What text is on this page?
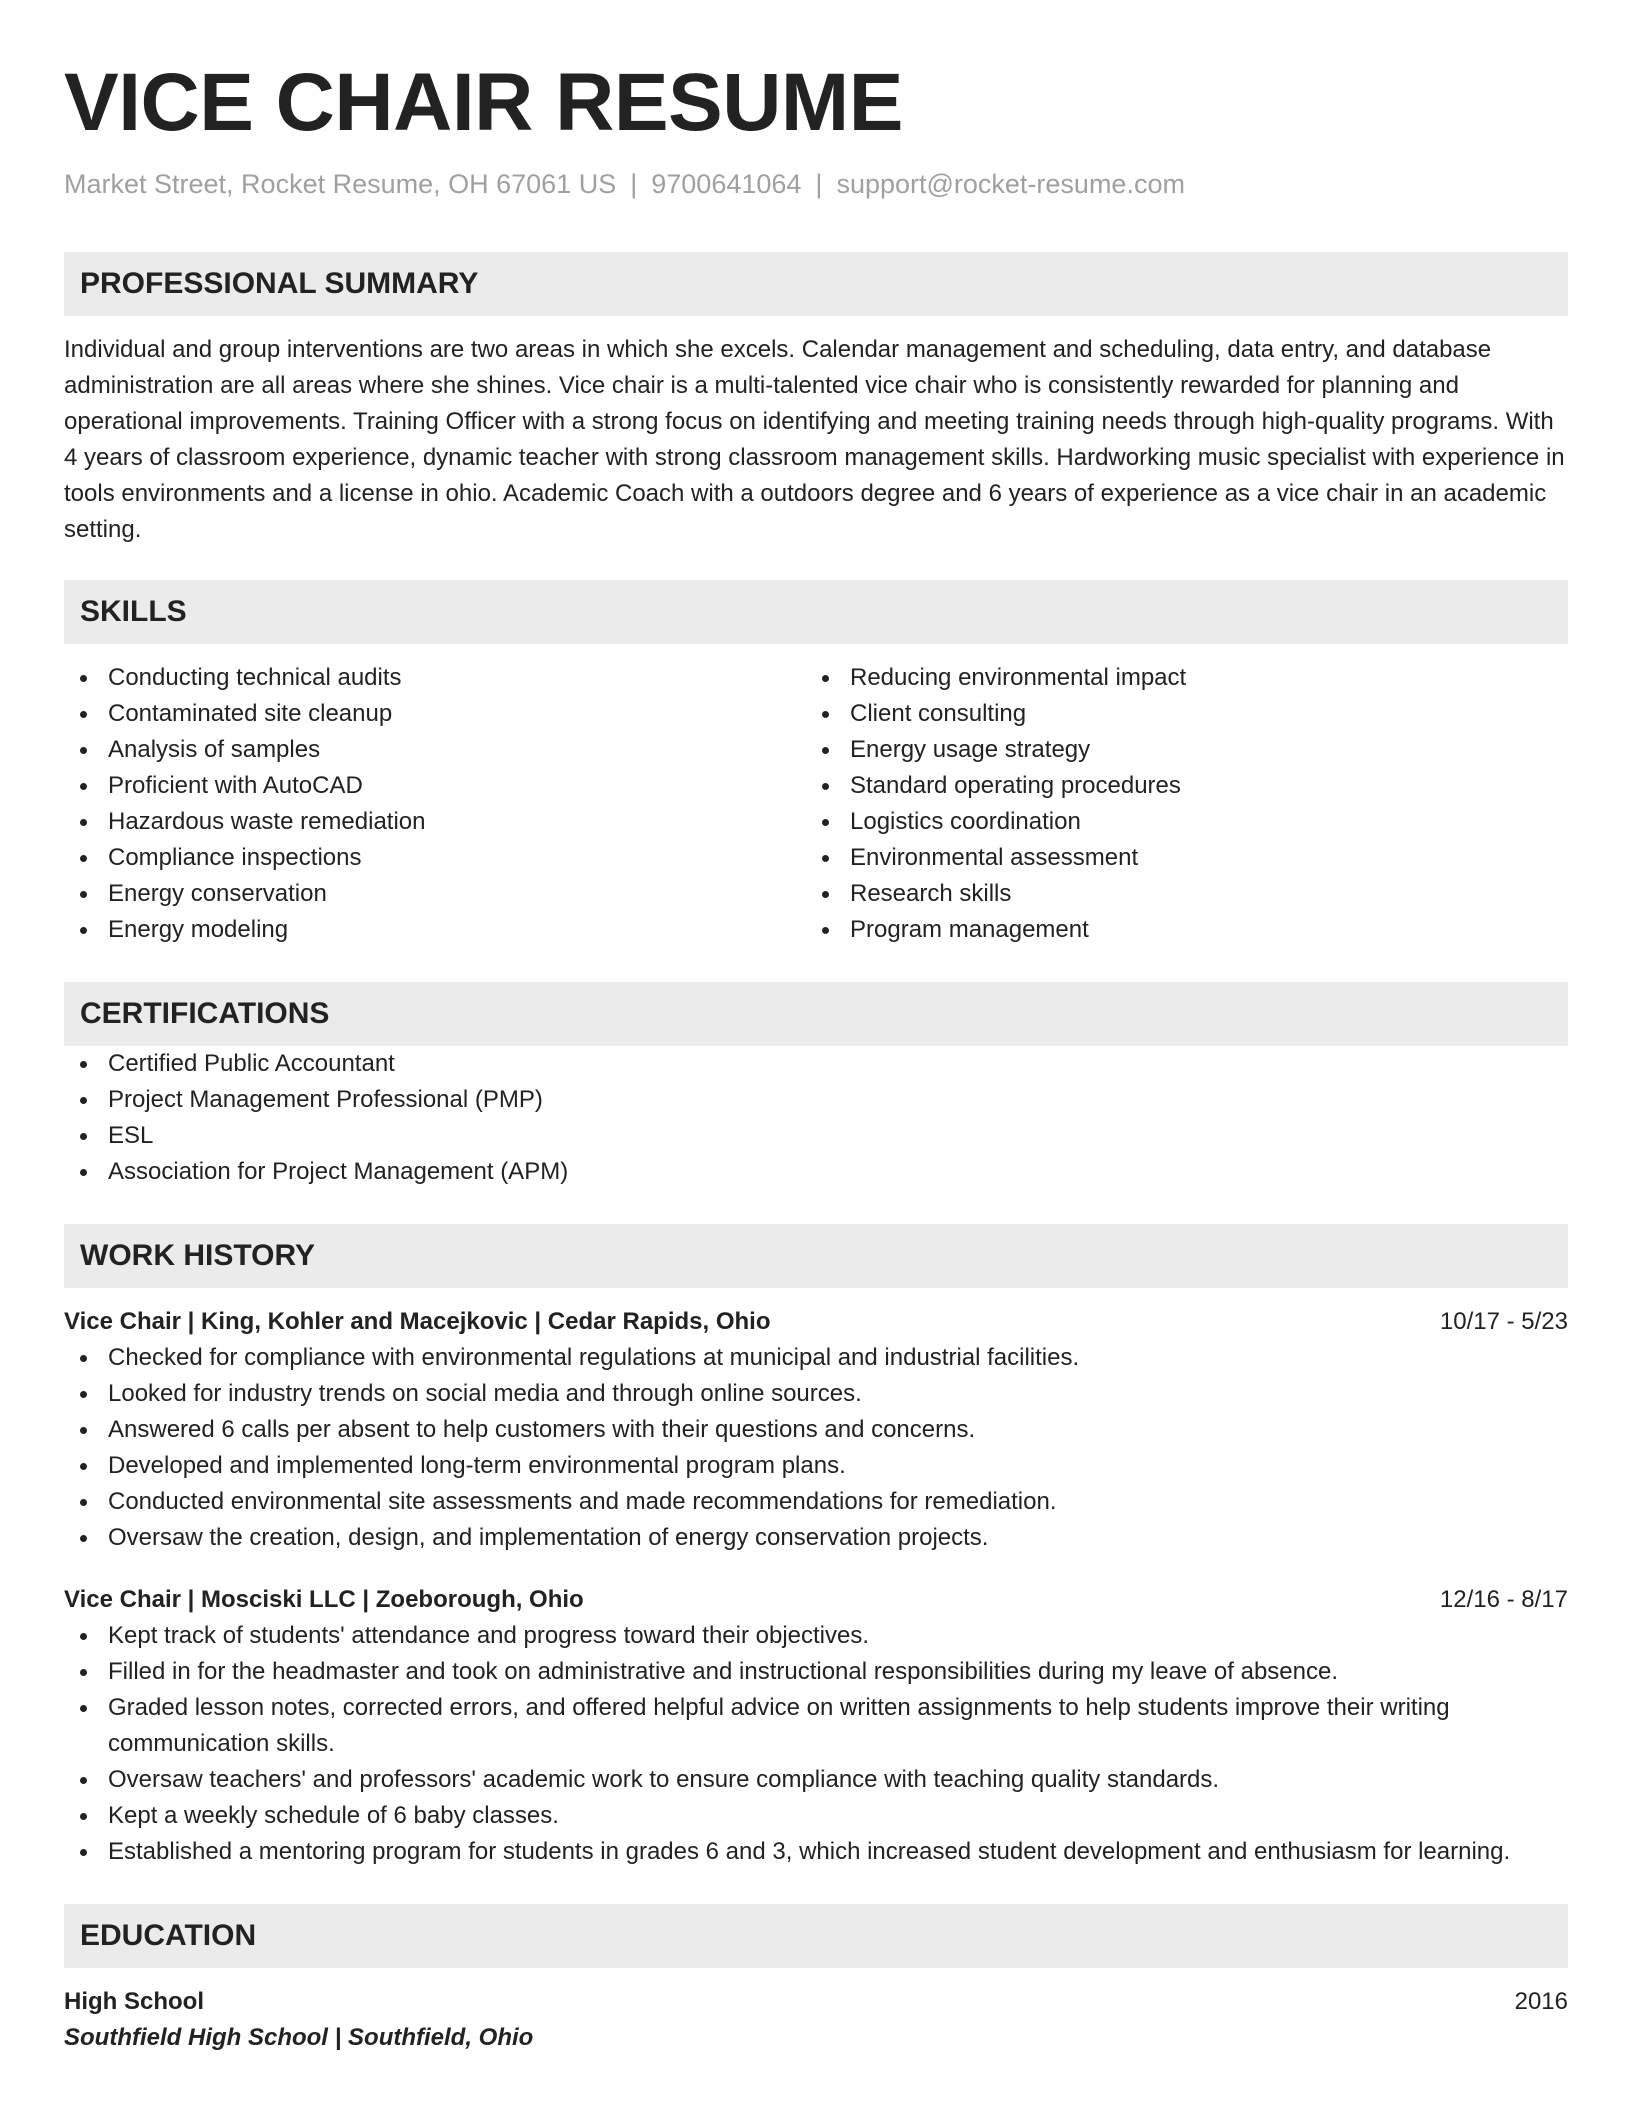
VICE CHAIR RESUME
Market Street, Rocket Resume, OH 67061 US | 9700641064 | support@rocket-resume.com
PROFESSIONAL SUMMARY

Individual and group interventions are two areas in which she excels. Calendar management and scheduling, data entry, and database administration are all areas where she shines. Vice chair is a multi-talented vice chair who is consistently rewarded for planning and operational improvements. Training Officer with a strong focus on identifying and meeting training needs through high-quality programs. With 4 years of classroom experience, dynamic teacher with strong classroom management skills. Hardworking music specialist with experience in tools environments and a license in ohio. Academic Coach with a outdoors degree and 6 years of experience as a vice chair in an academic setting.

SKILLS
Conducting technical audits
Contaminated site cleanup
Analysis of samples
Proficient with AutoCAD
Hazardous waste remediation
Compliance inspections
Energy conservation
Energy modeling
Reducing environmental impact
Client consulting
Energy usage strategy
Standard operating procedures
Logistics coordination
Environmental assessment
Research skills
Program management
CERTIFICATIONS
Certified Public Accountant
Project Management Professional (PMP)
ESL
Association for Project Management (APM)
WORK HISTORY
Vice Chair | King, Kohler and Macejkovic | Cedar Rapids, Ohio	10/17 - 5/23
Checked for compliance with environmental regulations at municipal and industrial facilities.
Looked for industry trends on social media and through online sources.
Answered 6 calls per absent to help customers with their questions and concerns.
Developed and implemented long-term environmental program plans.
Conducted environmental site assessments and made recommendations for remediation.
Oversaw the creation, design, and implementation of energy conservation projects.
Vice Chair | Mosciski LLC | Zoeborough, Ohio	12/16 - 8/17
Kept track of students' attendance and progress toward their objectives.
Filled in for the headmaster and took on administrative and instructional responsibilities during my leave of absence.
Graded lesson notes, corrected errors, and offered helpful advice on written assignments to help students improve their writing communication skills.
Oversaw teachers' and professors' academic work to ensure compliance with teaching quality standards.
Kept a weekly schedule of 6 baby classes.
Established a mentoring program for students in grades 6 and 3, which increased student development and enthusiasm for learning.
EDUCATION
High School	2016
Southfield High School | Southfield, Ohio
